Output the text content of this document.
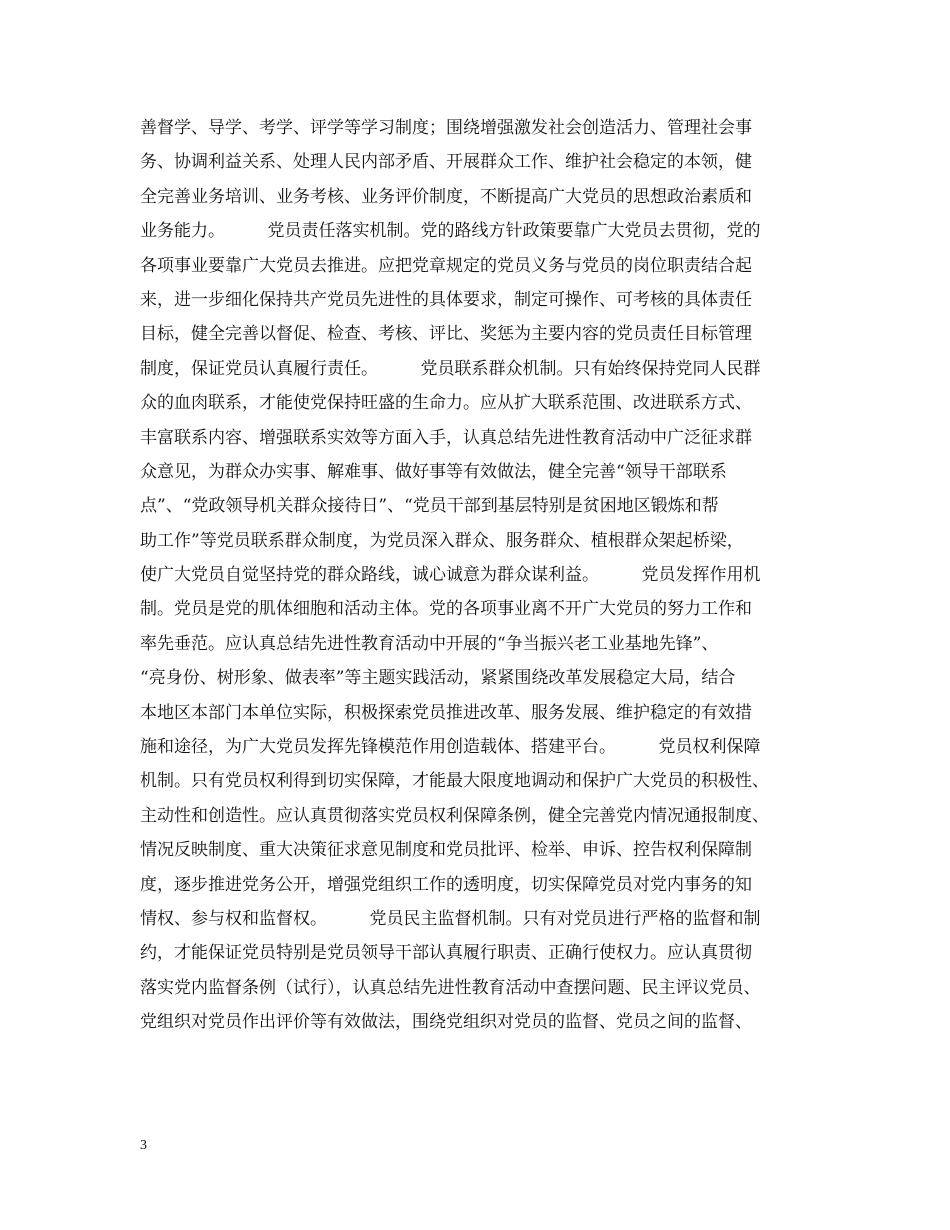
善督学、导学、考学、评学等学习制度；围绕增强激发社会创造活力、管理社会事
务、协调利益关系、处理人民内部矛盾、开展群众工作、维护社会稳定的本领，健
全完善业务培训、业务考核、业务评价制度，不断提高广大党员的思想政治素质和
业务能力。　　　党员责任落实机制。党的路线方针政策要靠广大党员去贯彻，党的
各项事业要靠广大党员去推进。应把党章规定的党员义务与党员的岗位职责结合起
来，进一步细化保持共产党员先进性的具体要求，制定可操作、可考核的具体责任
目标，健全完善以督促、检查、考核、评比、奖惩为主要内容的党员责任目标管理
制度，保证党员认真履行责任。　　　党员联系群众机制。只有始终保持党同人民群
众的血肉联系，才能使党保持旺盛的生命力。应从扩大联系范围、改进联系方式、
丰富联系内容、增强联系实效等方面入手，认真总结先进性教育活动中广泛征求群
众意见，为群众办实事、解难事、做好事等有效做法，健全完善“领导干部联系
点”、“党政领导机关群众接待日”、“党员干部到基层特别是贫困地区锻炼和帮
助工作”等党员联系群众制度，为党员深入群众、服务群众、植根群众架起桥梁，
使广大党员自觉坚持党的群众路线，诚心诚意为群众谋利益。　　　党员发挥作用机
制。党员是党的肌体细胞和活动主体。党的各项事业离不开广大党员的努力工作和
率先垂范。应认真总结先进性教育活动中开展的“争当振兴老工业基地先锋”、
“亮身份、树形象、做表率”等主题实践活动，紧紧围绕改革发展稳定大局，结合
本地区本部门本单位实际，积极探索党员推进改革、服务发展、维护稳定的有效措
施和途径，为广大党员发挥先锋模范作用创造载体、搭建平台。　　　党员权利保障
机制。只有党员权利得到切实保障，才能最大限度地调动和保护广大党员的积极性、
主动性和创造性。应认真贯彻落实党员权利保障条例，健全完善党内情况通报制度、
情况反映制度、重大决策征求意见制度和党员批评、检举、申诉、控告权利保障制
度，逐步推进党务公开，增强党组织工作的透明度，切实保障党员对党内事务的知
情权、参与权和监督权。　　　党员民主监督机制。只有对党员进行严格的监督和制
约，才能保证党员特别是党员领导干部认真履行职责、正确行使权力。应认真贯彻
落实党内监督条例（试行），认真总结先进性教育活动中查摆问题、民主评议党员、
党组织对党员作出评价等有效做法，围绕党组织对党员的监督、党员之间的监督、
3
